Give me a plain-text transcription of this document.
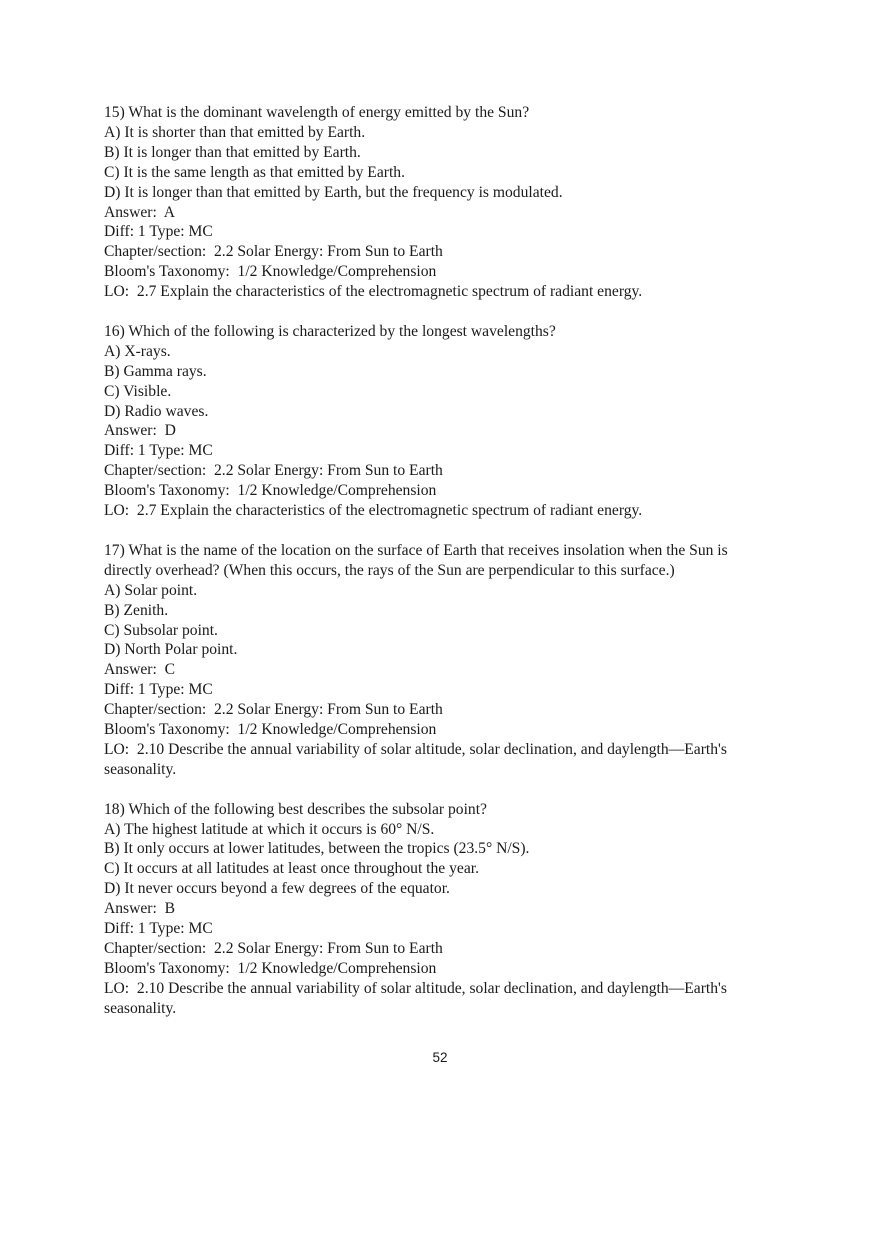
15) What is the dominant wavelength of energy emitted by the Sun?
A) It is shorter than that emitted by Earth.
B) It is longer than that emitted by Earth.
C) It is the same length as that emitted by Earth.
D) It is longer than that emitted by Earth, but the frequency is modulated.
Answer:  A
Diff: 1 Type: MC
Chapter/section:  2.2 Solar Energy: From Sun to Earth
Bloom's Taxonomy:  1/2 Knowledge/Comprehension
LO:  2.7 Explain the characteristics of the electromagnetic spectrum of radiant energy.
16) Which of the following is characterized by the longest wavelengths?
A) X-rays.
B) Gamma rays.
C) Visible.
D) Radio waves.
Answer:  D
Diff: 1 Type: MC
Chapter/section:  2.2 Solar Energy: From Sun to Earth
Bloom's Taxonomy:  1/2 Knowledge/Comprehension
LO:  2.7 Explain the characteristics of the electromagnetic spectrum of radiant energy.
17) What is the name of the location on the surface of Earth that receives insolation when the Sun is directly overhead? (When this occurs, the rays of the Sun are perpendicular to this surface.)
A) Solar point.
B) Zenith.
C) Subsolar point.
D) North Polar point.
Answer:  C
Diff: 1 Type: MC
Chapter/section:  2.2 Solar Energy: From Sun to Earth
Bloom's Taxonomy:  1/2 Knowledge/Comprehension
LO:  2.10 Describe the annual variability of solar altitude, solar declination, and daylength—Earth's seasonality.
18) Which of the following best describes the subsolar point?
A) The highest latitude at which it occurs is 60° N/S.
B) It only occurs at lower latitudes, between the tropics (23.5° N/S).
C) It occurs at all latitudes at least once throughout the year.
D) It never occurs beyond a few degrees of the equator.
Answer:  B
Diff: 1 Type: MC
Chapter/section:  2.2 Solar Energy: From Sun to Earth
Bloom's Taxonomy:  1/2 Knowledge/Comprehension
LO:  2.10 Describe the annual variability of solar altitude, solar declination, and daylength—Earth's seasonality.
52
